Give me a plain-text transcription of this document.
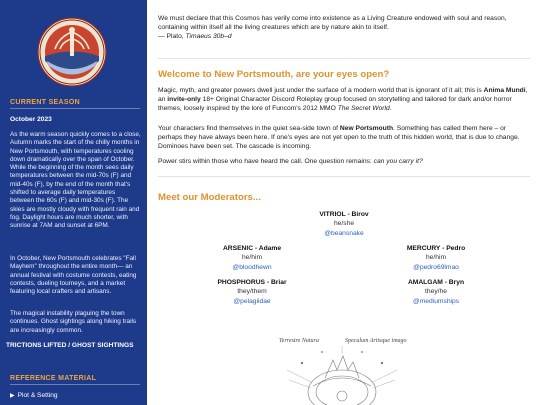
CURRENT SEASON
October 2023
As the warm season quickly comes to a close, Autumn marks the start of the chilly months in New Portsmouth, with temperatures cooling down dramatically over the span of October. While the beginning of the month sees daily temperatures between the mid-70s (F) and mid-40s (F), by the end of the month that's shifted to average daily temperatures between the 60s (F) and mid-30s (F). The skies are mostly cloudy with frequent rain and fog. Daylight hours are much shorter, with sunrise at 7AM and sunset at 6PM.
In October, New Portsmouth celebrates "Fall Mayhem" throughout the entire month— an annual festival with costume contests, eating contests, dueling tourneys, and a market featuring local crafters and artisans.
The magical instability plaguing the town continues. Ghost sightings along hiking trails are increasingly common.
TRICTIONS LIFTED / GHOST SIGHTINGS
REFERENCE MATERIAL
▶ Plot & Setting
We must declare that this Cosmos has verily come into existence as a Living Creature endowed with soul and reason, containing within itself all the living creatures which are by nature akin to itself.
— Plato, Timaeus 30b–d
Welcome to New Portsmouth, are your eyes open?
Magic, myth, and greater powers dwell just under the surface of a modern world that is ignorant of it all; this is Anima Mundi, an invite-only 18+ Original Character Discord Roleplay group focused on storytelling and tailored for dark and/or horror themes, loosely inspired by the lore of Funcom's 2012 MMO The Secret World.
Your characters find themselves in the quiet sea-side town of New Portsmouth. Something has called them here – or perhaps they have always been here. If one's eyes are not yet open to the truth of this hidden world, that is due to change. Dominoes have been set. The cascade is incoming.
Power stirs within those who have heard the call. One question remains: can you carry it?
Meet our Moderators...
VITRIOL - Birov
he/she
@beansnake
ARSENIC - Adame
he/him
@bloodhewn
MERCURY - Pedro
he/him
@pedro69lmao
PHOSPHORUS - Briar
they/them
@pelagiidae
AMALGAM - Bryn
they/he
@mediumships
Terrestre Natura	Speculum Artisque imago
